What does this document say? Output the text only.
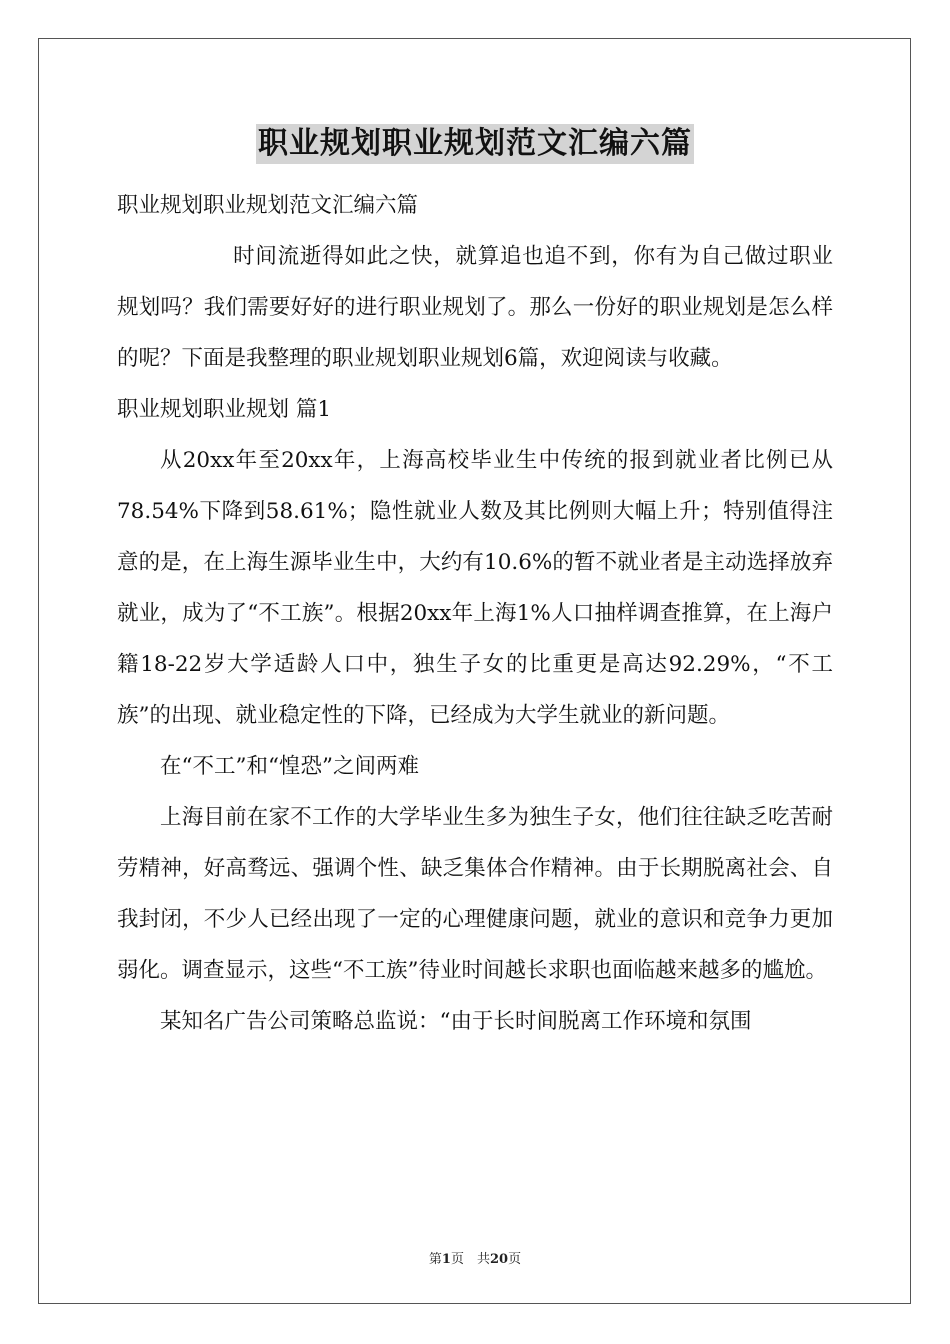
职业规划职业规划范文汇编六篇
职业规划职业规划范文汇编六篇

时间流逝得如此之快，就算追也追不到，你有为自己做过职业规划吗？我们需要好好的进行职业规划了。那么一份好的职业规划是怎么样的呢？下面是我整理的职业规划职业规划6篇，欢迎阅读与收藏。

职业规划职业规划 篇1

从20xx年至20xx年，上海高校毕业生中传统的报到就业者比例已从78.54%下降到58.61%；隐性就业人数及其比例则大幅上升；特别值得注意的是，在上海生源毕业生中，大约有10.6%的暂不就业者是主动选择放弃就业，成为了“不工族”。根据20xx年上海1%人口抽样调查推算，在上海户籍18-22岁大学适龄人口中，独生子女的比重更是高达92.29%，“不工族”的出现、就业稳定性的下降，已经成为大学生就业的新问题。

在“不工”和“惶恐”之间两难

上海目前在家不工作的大学毕业生多为独生子女，他们往往缺乏吃苦耐劳精神，好高骛远、强调个性、缺乏集体合作精神。由于长期脱离社会、自我封闭，不少人已经出现了一定的心理健康问题，就业的意识和竞争力更加弱化。调查显示，这些“不工族”待业时间越长求职也面临越来越多的尴尬。

某知名广告公司策略总监说：“由于长时间脱离工作环境和氛围

第1页　共20页
